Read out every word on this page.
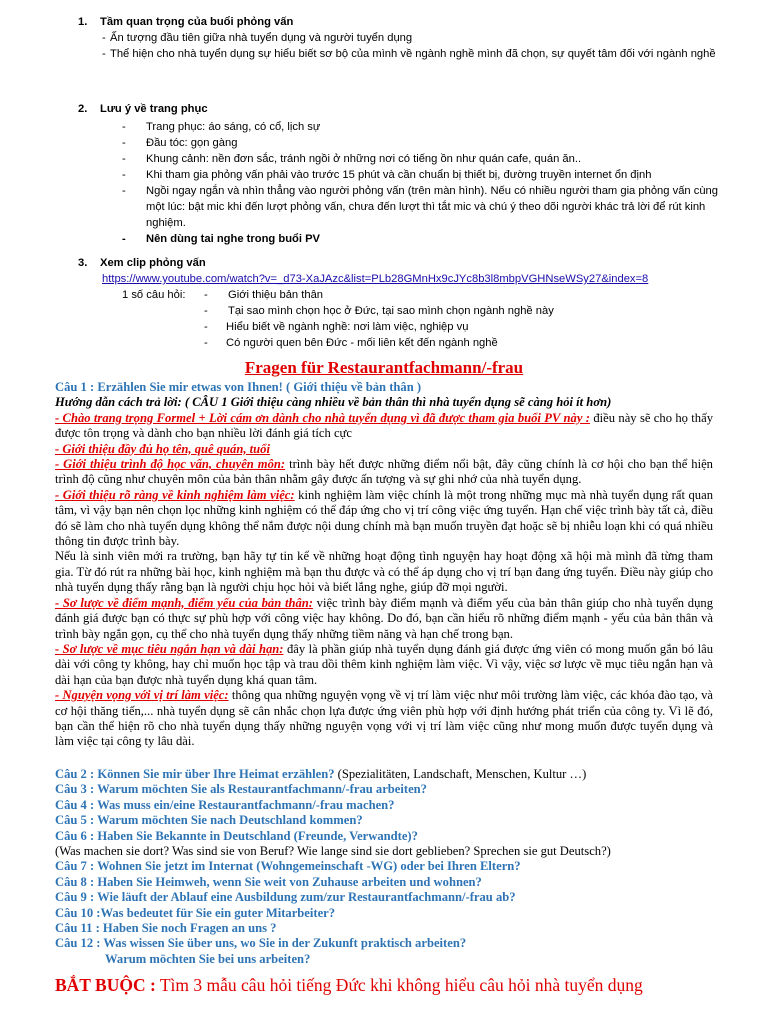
1. Tầm quan trọng của buổi phỏng vấn
- Ấn tượng đầu tiên giữa nhà tuyển dụng và người tuyển dụng
- Thể hiện cho nhà tuyển dụng sự hiểu biết sơ bộ của mình về ngành nghề mình đã chọn, sự quyết tâm đối với ngành nghề
2. Lưu ý về trang phục
- Trang phục: áo sáng, có cổ, lịch sự
- Đầu tóc: gọn gàng
- Khung cảnh: nền đơn sắc, tránh ngồi ở những nơi có tiếng ồn như quán cafe, quán ăn..
- Khi tham gia phỏng vấn phải vào trước 15 phút và cần chuẩn bị thiết bị, đường truyền internet ổn định
- Ngồi ngay ngắn và nhìn thẳng vào người phỏng vấn (trên màn hình). Nếu có nhiều người tham gia phỏng vấn cùng một lúc: bật mic khi đến lượt phỏng vấn, chưa đến lượt thì tắt mic và chú ý theo dõi người khác trả lời để rút kinh nghiệm.
- Nên dùng tai nghe trong buổi PV
3. Xem clip phỏng vấn
https://www.youtube.com/watch?v=_d73-XaJAzc&list=PLb28GMnHx9cJYc8b3l8mbpVGHNseWSy27&index=8
1 số câu hỏi: - Giới thiệu bản thân
- Tại sao mình chọn học ở Đức, tại sao mình chọn ngành nghề này
- Hiểu biết về ngành nghề: nơi làm việc, nghiệp vụ
- Có người quen bên Đức - mối liên kết đến ngành nghề
Fragen für Restaurantfachmann/-frau
Câu 1 : Erzählen Sie mir etwas von Ihnen! ( Giới thiệu về bản thân )
Hướng dẫn cách trả lời: ( CÂU 1 Giới thiệu càng nhiều về bản thân thì nhà tuyển dụng sẽ càng hỏi ít hơn)
- Chào trang trọng Formel + Lời cám ơn dành cho nhà tuyển dụng vì đã được tham gia buổi PV này : điều này sẽ cho họ thấy được tôn trọng và dành cho bạn nhiều lời đánh giá tích cực
- Giới thiệu đầy đủ họ tên, quê quán, tuổi
- Giới thiệu trình độ học vấn, chuyên môn: trình bày hết được những điểm nổi bật, đây cũng chính là cơ hội cho bạn thể hiện trình độ cũng như chuyên môn của bản thân nhằm gây được ấn tượng và sự ghi nhớ của nhà tuyển dụng.
- Giới thiệu rõ ràng về kinh nghiệm làm việc: kinh nghiệm làm việc chính là một trong những mục mà nhà tuyển dụng rất quan tâm, vì vậy bạn nên chọn lọc những kinh nghiệm có thể đáp ứng cho vị trí công việc ứng tuyển. Hạn chế việc trình bày tất cả, điều đó sẽ làm cho nhà tuyển dụng không thể nắm được nội dung chính mà bạn muốn truyền đạt hoặc sẽ bị nhiễu loạn khi có quá nhiều thông tin được trình bày.
Nếu là sinh viên mới ra trường, bạn hãy tự tin kể về những hoạt động tình nguyện hay hoạt động xã hội mà mình đã từng tham gia. Từ đó rút ra những bài học, kinh nghiệm mà bạn thu được và có thể áp dụng cho vị trí bạn đang ứng tuyển. Điều này giúp cho nhà tuyển dụng thấy rằng bạn là người chịu học hỏi và biết lắng nghe, giúp đỡ mọi người.
- Sơ lược về điểm mạnh, điểm yếu của bản thân: việc trình bày điểm mạnh và điểm yếu của bản thân giúp cho nhà tuyển dụng đánh giá được bạn có thực sự phù hợp với công việc hay không. Do đó, bạn cần hiểu rõ những điểm mạnh - yếu của bản thân và trình bày ngắn gọn, cụ thể cho nhà tuyển dụng thấy những tiềm năng và hạn chế trong bạn.
- Sơ lược về mục tiêu ngắn hạn và dài hạn: đây là phần giúp nhà tuyển dụng đánh giá được ứng viên có mong muốn gắn bó lâu dài với công ty không, hay chỉ muốn học tập và trau dồi thêm kinh nghiệm làm việc. Vì vậy, việc sơ lược về mục tiêu ngắn hạn và dài hạn của bạn được nhà tuyển dụng khá quan tâm.
- Nguyện vọng với vị trí làm việc: thông qua những nguyện vọng về vị trí làm việc như môi trường làm việc, các khóa đào tạo, và cơ hội thăng tiến,... nhà tuyển dụng sẽ cân nhắc chọn lựa được ứng viên phù hợp với định hướng phát triển của công ty. Vì lẽ đó, bạn cần thể hiện rõ cho nhà tuyển dụng thấy những nguyện vọng với vị trí làm việc cũng như mong muốn được tuyển dụng và làm việc tại công ty lâu dài.
Câu 2 : Können Sie mir über Ihre Heimat erzählen? (Spezialitäten, Landschaft, Menschen, Kultur …)
Câu 3 : Warum möchten Sie als Restaurantfachmann/-frau arbeiten?
Câu 4 : Was muss ein/eine Restaurantfachmann/-frau machen?
Câu 5 : Warum möchten Sie nach Deutschland kommen?
Câu 6 : Haben Sie Bekannte in Deutschland (Freunde, Verwandte)?
(Was machen sie dort? Was sind sie von Beruf? Wie lange sind sie dort geblieben? Sprechen sie gut Deutsch?)
Câu 7 : Wohnen Sie jetzt im Internat (Wohngemeinschaft -WG) oder bei Ihren Eltern?
Câu 8 : Haben Sie Heimweh, wenn Sie weit von Zuhause arbeiten und wohnen?
Câu 9 : Wie läuft der Ablauf eine Ausbildung zum/zur Restaurantfachmann/-frau ab?
Câu 10 :Was bedeutet für Sie ein guter Mitarbeiter?
Câu 11 : Haben Sie noch Fragen an uns ?
Câu 12 : Was wissen Sie über uns, wo Sie in der Zukunft praktisch arbeiten?
Warum möchten Sie bei uns arbeiten?
BẮT BUỘC : Tìm 3 mẫu câu hỏi tiếng Đức khi không hiểu câu hỏi nhà tuyển dụng
